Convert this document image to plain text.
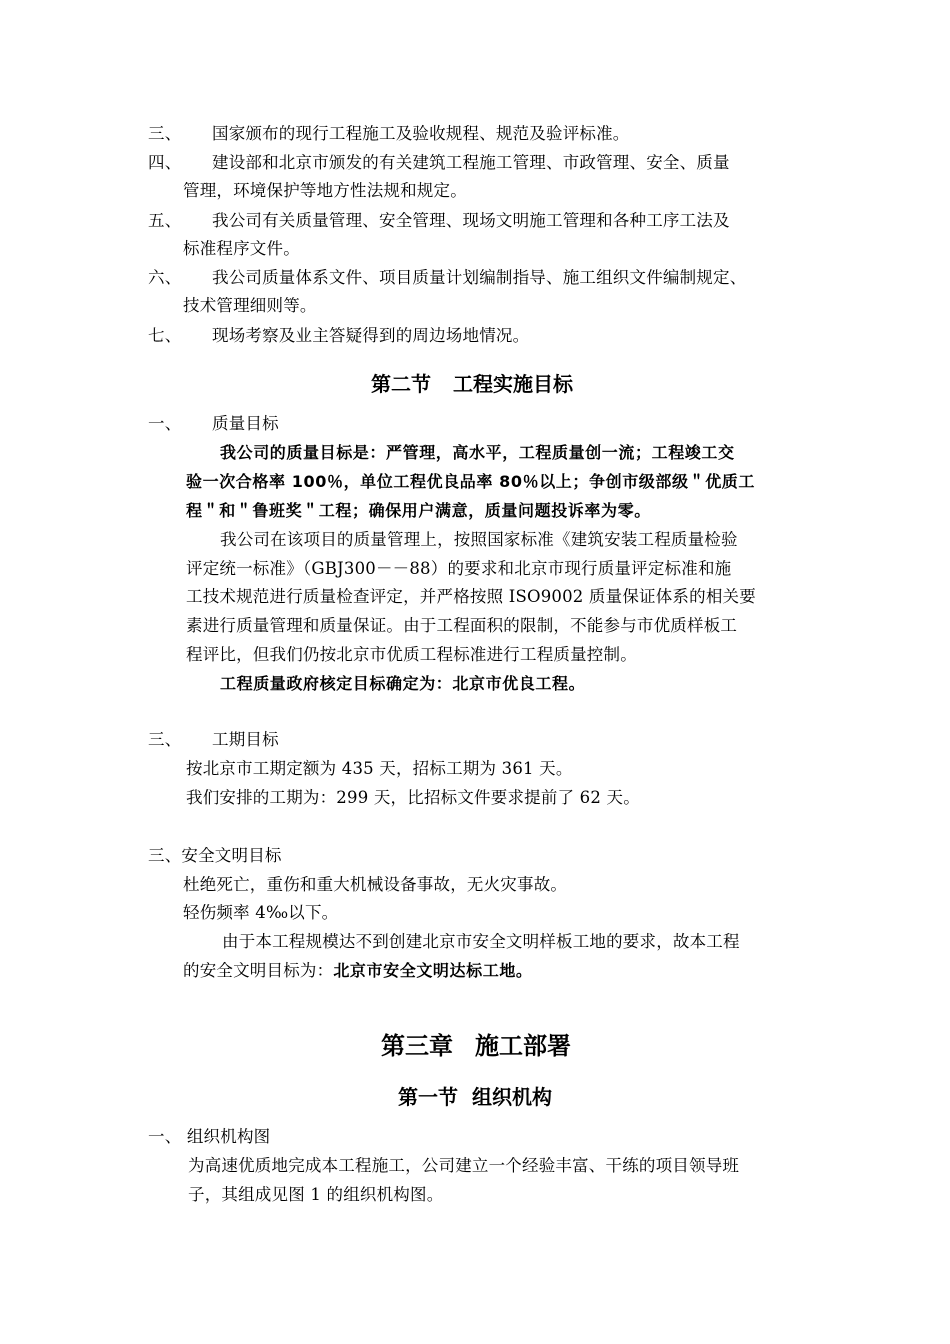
三、 国家颁布的现行工程施工及验收规程、规范及验评标准。
四、 建设部和北京市颁发的有关建筑工程施工管理、市政管理、安全、质量
管理，环境保护等地方性法规和规定。
五、 我公司有关质量管理、安全管理、现场文明施工管理和各种工序工法及
标准程序文件。
六、 我公司质量体系文件、项目质量计划编制指导、施工组织文件编制规定、
技术管理细则等。
七、 现场考察及业主答疑得到的周边场地情况。
第二节 工程实施目标
一、 质量目标
我公司的质量目标是：严管理，高水平，工程质量创一流；工程竣工交
验一次合格率 100％，单位工程优良品率 80％以上；争创市级部级＂优质工
程＂和＂鲁班奖＂工程；确保用户满意，质量问题投诉率为零。
我公司在该项目的质量管理上，按照国家标准《建筑安装工程质量检验
评定统一标准》（GBJ300－－88）的要求和北京市现行质量评定标准和施
工技术规范进行质量检查评定，并严格按照 ISO9002 质量保证体系的相关要
素进行质量管理和质量保证。由于工程面积的限制，不能参与市优质样板工
程评比，但我们仍按北京市优质工程标准进行工程质量控制。
工程质量政府核定目标确定为：北京市优良工程。
三、 工期目标
按北京市工期定额为 435 天，招标工期为 361 天。
我们安排的工期为：299 天，比招标文件要求提前了 62 天。
三、安全文明目标
杜绝死亡，重伤和重大机械设备事故，无火灾事故。
轻伤频率 4‰以下。
由于本工程规模达不到创建北京市安全文明样板工地的要求，故本工程
的安全文明目标为：北京市安全文明达标工地。
第三章 施工部署
第一节 组织机构
一、 组织机构图
为高速优质地完成本工程施工，公司建立一个经验丰富、干练的项目领导班
子，其组成见图 1 的组织机构图。
